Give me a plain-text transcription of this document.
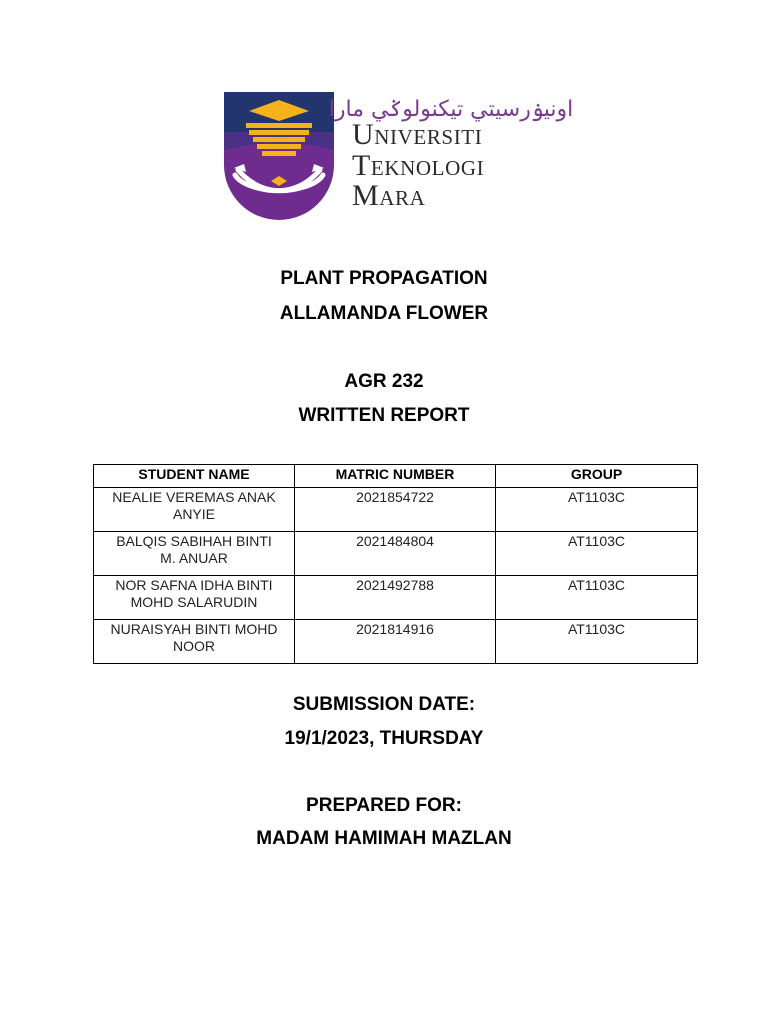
اونيۏرسيتي تيكنولوݢي مارا
Universiti
Teknologi
Mara

PLANT PROPAGATION

ALLAMANDA FLOWER

AGR 232

WRITTEN REPORT

STUDENT NAME	MATRIC NUMBER	GROUP
NEALIE VEREMAS ANAK
ANYIE	2021854722	AT1103C
BALQIS SABIHAH BINTI
M. ANUAR	2021484804	AT1103C
NOR SAFNA IDHA BINTI
MOHD SALARUDIN	2021492788	AT1103C
NURAISYAH BINTI MOHD
NOOR	2021814916	AT1103C

SUBMISSION DATE:

19/1/2023, THURSDAY

PREPARED FOR:

MADAM HAMIMAH MAZLAN
